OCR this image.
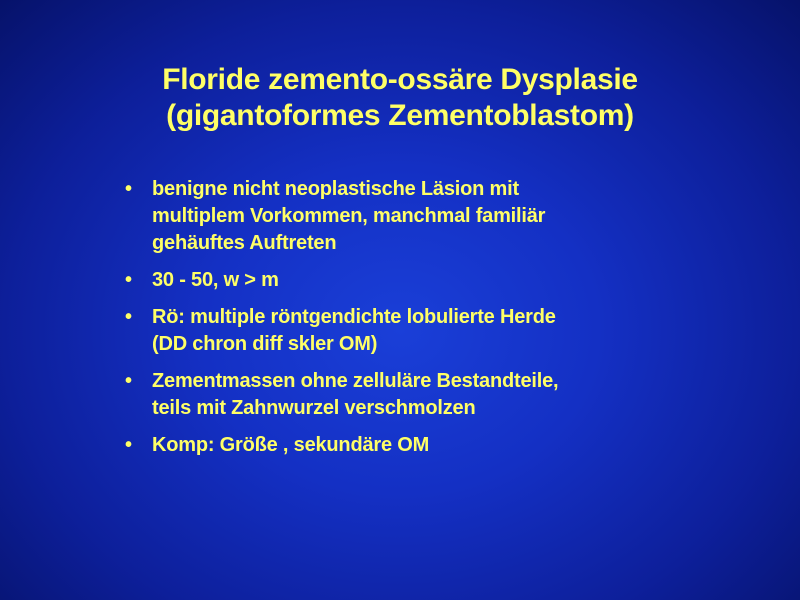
Floride zemento-ossäre Dysplasie
(gigantoformes Zementoblastom)
• benigne nicht neoplastische Läsion mit
multiplem Vorkommen, manchmal familiär
gehäuftes Auftreten
• 30 - 50, w > m
• Rö: multiple röntgendichte lobulierte Herde
(DD chron diff skler OM)
• Zementmassen ohne zelluläre Bestandteile,
teils mit Zahnwurzel verschmolzen
• Komp: Größe , sekundäre OM
